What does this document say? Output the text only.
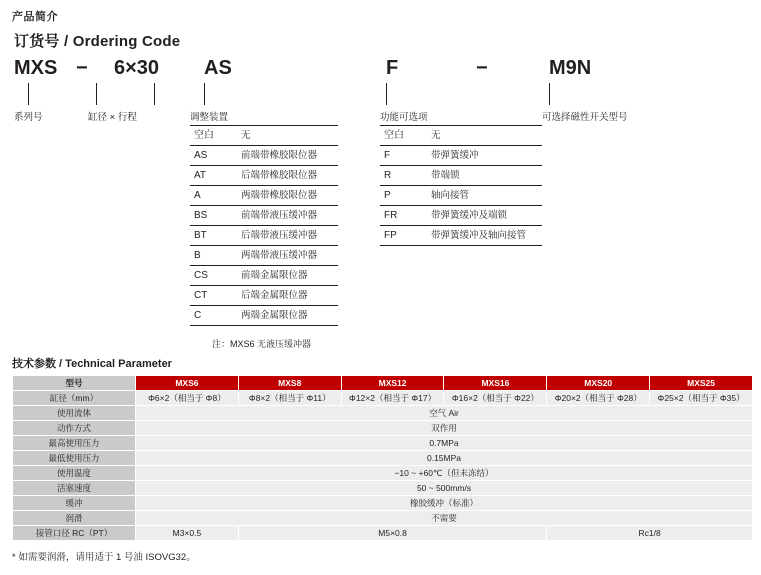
产品简介
订货号 / Ordering Code
MXS − 6×30 AS	F	−	M9N
系列号	缸径 × 行程	调整装置	功能可选项	可选择磁性开关型号
空白	无
AS	前端带橡胶限位器
AT	后端带橡胶限位器
A	两端带橡胶限位器
BS	前端带液压缓冲器
BT	后端带液压缓冲器
B	两端带液压缓冲器
CS	前端金属限位器
CT	后端金属限位器
C	两端金属限位器
注：MXS6 无液压缓冲器
空白	无
F	带弹簧缓冲
R	带端锁
P	轴向接管
FR	带弹簧缓冲及端锁
FP	带弹簧缓冲及轴向接管
技术参数 / Technical Parameter
型号	MXS6	MXS8	MXS12	MXS16	MXS20	MXS25
缸径（mm）	Φ6×2（相当于 Φ8）	Φ8×2（相当于 Φ11）	Φ12×2（相当于 Φ17）	Φ16×2（相当于 Φ22）	Φ20×2（相当于 Φ28）	Φ25×2（相当于 Φ35）
使用流体	空气 Air					
动作方式	双作用					
最高使用压力	0.7MPa					
最低使用压力	0.15MPa					
使用温度	−10 ~ +60℃（但未冻结）					
活塞速度	50 ~ 500mm/s					
缓冲	橡胶缓冲（标准）					
润滑	不需要					
接管口径 RC（PT）	M3×0.5	M5×0.8			Rc1/8	
* 如需要润滑，请用适于 1 号油 ISOVG32。
